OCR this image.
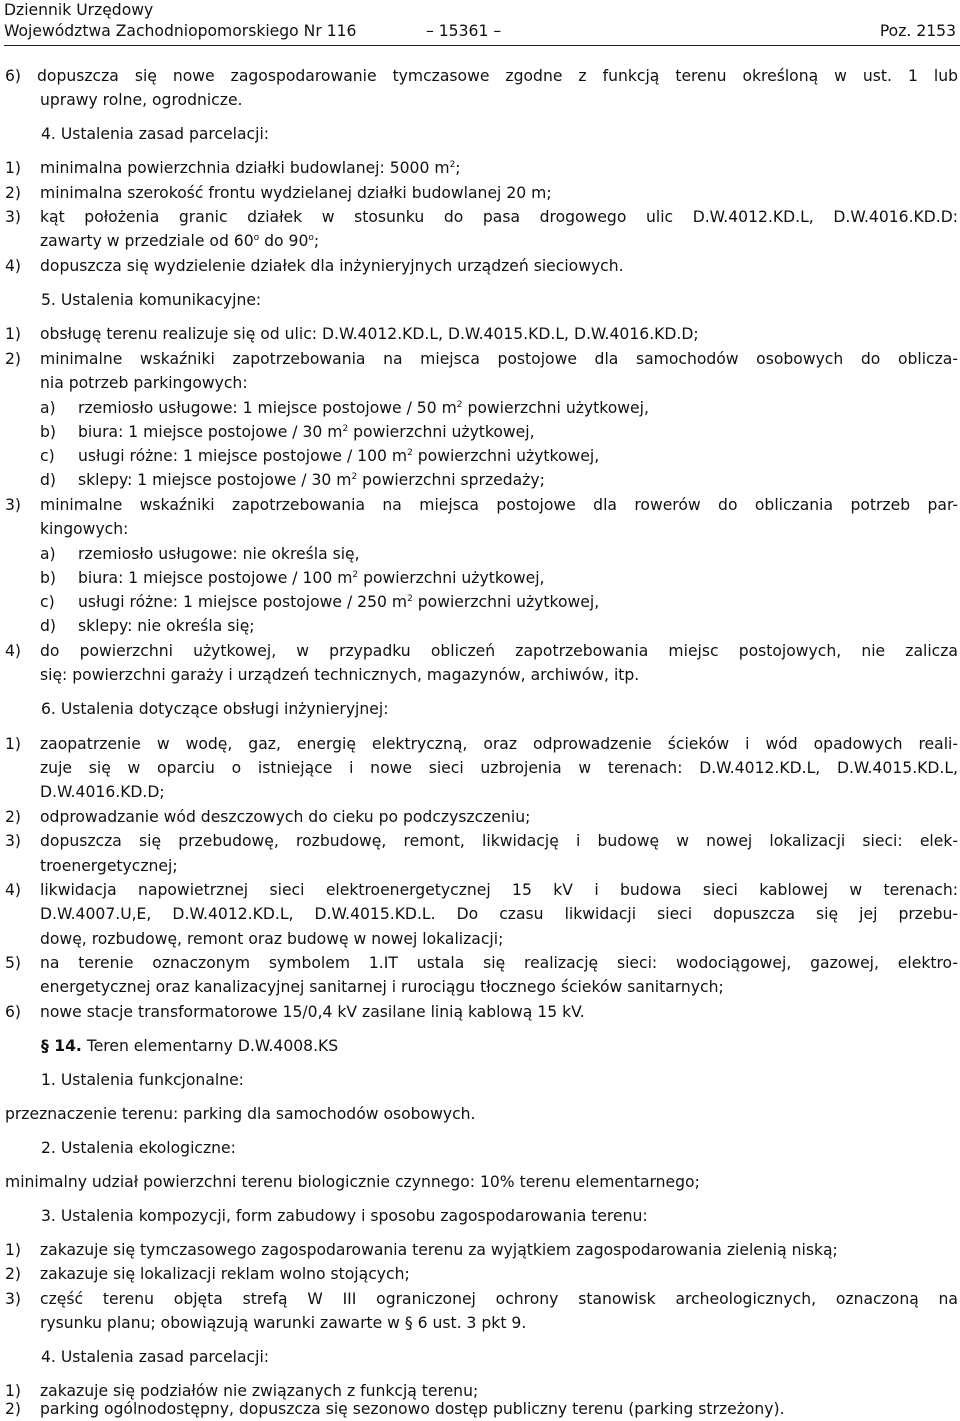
Dziennik Urzędowy
Województwa Zachodniopomorskiego Nr 116	Poz. 2153
– 15361 –
6) dopuszcza się nowe zagospodarowanie tymczasowe zgodne z funkcją terenu określoną w ust. 1 lub
uprawy rolne, ogrodnicze.
4. Ustalenia zasad parcelacji:
1) minimalna powierzchnia działki budowlanej: 5000 $m^2$;
2) minimalna szerokość frontu wydzielanej działki budowlanej 20 m;
3) kąt położenia granic działek w stosunku do pasa drogowego ulic D.W.4012.KD.L, D.W.4016.KD.D:
zawarty w przedziale od 60$^o$ do 90$^o$;
4) dopuszcza się wydzielenie działek dla inżynieryjnych urządzeń sieciowych.
5. Ustalenia komunikacyjne:
1) obsługę terenu realizuje się od ulic: D.W.4012.KD.L, D.W.4015.KD.L, D.W.4016.KD.D;
2) minimalne wskaźniki zapotrzebowania na miejsca postojowe dla samochodów osobowych do oblicza-
nia potrzeb parkingowych:
a) rzemiosło usługowe: 1 miejsce postojowe / 50 $m^2$ powierzchni użytkowej,
b) biura: 1 miejsce postojowe / 30 $m^2$ powierzchni użytkowej,
c) usługi różne: 1 miejsce postojowe / 100 $m^2$ powierzchni użytkowej,
d) sklepy: 1 miejsce postojowe / 30 $m^2$ powierzchni sprzedaży;
3) minimalne wskaźniki zapotrzebowania na miejsca postojowe dla rowerów do obliczania potrzeb par-
kingowych:
a) rzemiosło usługowe: nie określa się,
b) biura: 1 miejsce postojowe / 100 $m^2$ powierzchni użytkowej,
c) usługi różne: 1 miejsce postojowe / 250 $m^2$ powierzchni użytkowej,
d) sklepy: nie określa się;
4) do powierzchni użytkowej, w przypadku obliczeń zapotrzebowania miejsc postojowych, nie zalicza
się: powierzchni garaży i urządzeń technicznych, magazynów, archiwów, itp.
6. Ustalenia dotyczące obsługi inżynieryjnej:
1) zaopatrzenie w wodę, gaz, energię elektryczną, oraz odprowadzenie ścieków i wód opadowych reali-
zuje się w oparciu o istniejące i nowe sieci uzbrojenia w terenach: D.W.4012.KD.L, D.W.4015.KD.L,
D.W.4016.KD.D;
2) odprowadzanie wód deszczowych do cieku po podczyszczeniu;
3) dopuszcza się przebudowę, rozbudowę, remont, likwidację i budowę w nowej lokalizacji sieci: elek-
troenergetycznej;
4) likwidacja napowietrznej sieci elektroenergetycznej 15 kV i budowa sieci kablowej w terenach:
D.W.4007.U,E, D.W.4012.KD.L, D.W.4015.KD.L. Do czasu likwidacji sieci dopuszcza się jej przebu-
dowę, rozbudowę, remont oraz budowę w nowej lokalizacji;
5) na terenie oznaczonym symbolem 1.IT ustala się realizację sieci: wodociągowej, gazowej, elektro-
energetycznej oraz kanalizacyjnej sanitarnej i rurociągu tłocznego ścieków sanitarnych;
6) nowe stacje transformatorowe 15/0,4 kV zasilane linią kablową 15 kV.
§ 14. Teren elementarny D.W.4008.KS
1. Ustalenia funkcjonalne:
przeznaczenie terenu: parking dla samochodów osobowych.
2. Ustalenia ekologiczne:
minimalny udział powierzchni terenu biologicznie czynnego: 10% terenu elementarnego;
3. Ustalenia kompozycji, form zabudowy i sposobu zagospodarowania terenu:
1) zakazuje się tymczasowego zagospodarowania terenu za wyjątkiem zagospodarowania zielenią niską;
2) zakazuje się lokalizacji reklam wolno stojących;
3) część terenu objęta strefą W III ograniczonej ochrony stanowisk archeologicznych, oznaczoną na
rysunku planu; obowiązują warunki zawarte w § 6 ust. 3 pkt 9.
4. Ustalenia zasad parcelacji:
1) zakazuje się podziałów nie związanych z funkcją terenu;
2) parking ogólnodostępny, dopuszcza się sezonowo dostęp publiczny terenu (parking strzeżony).
